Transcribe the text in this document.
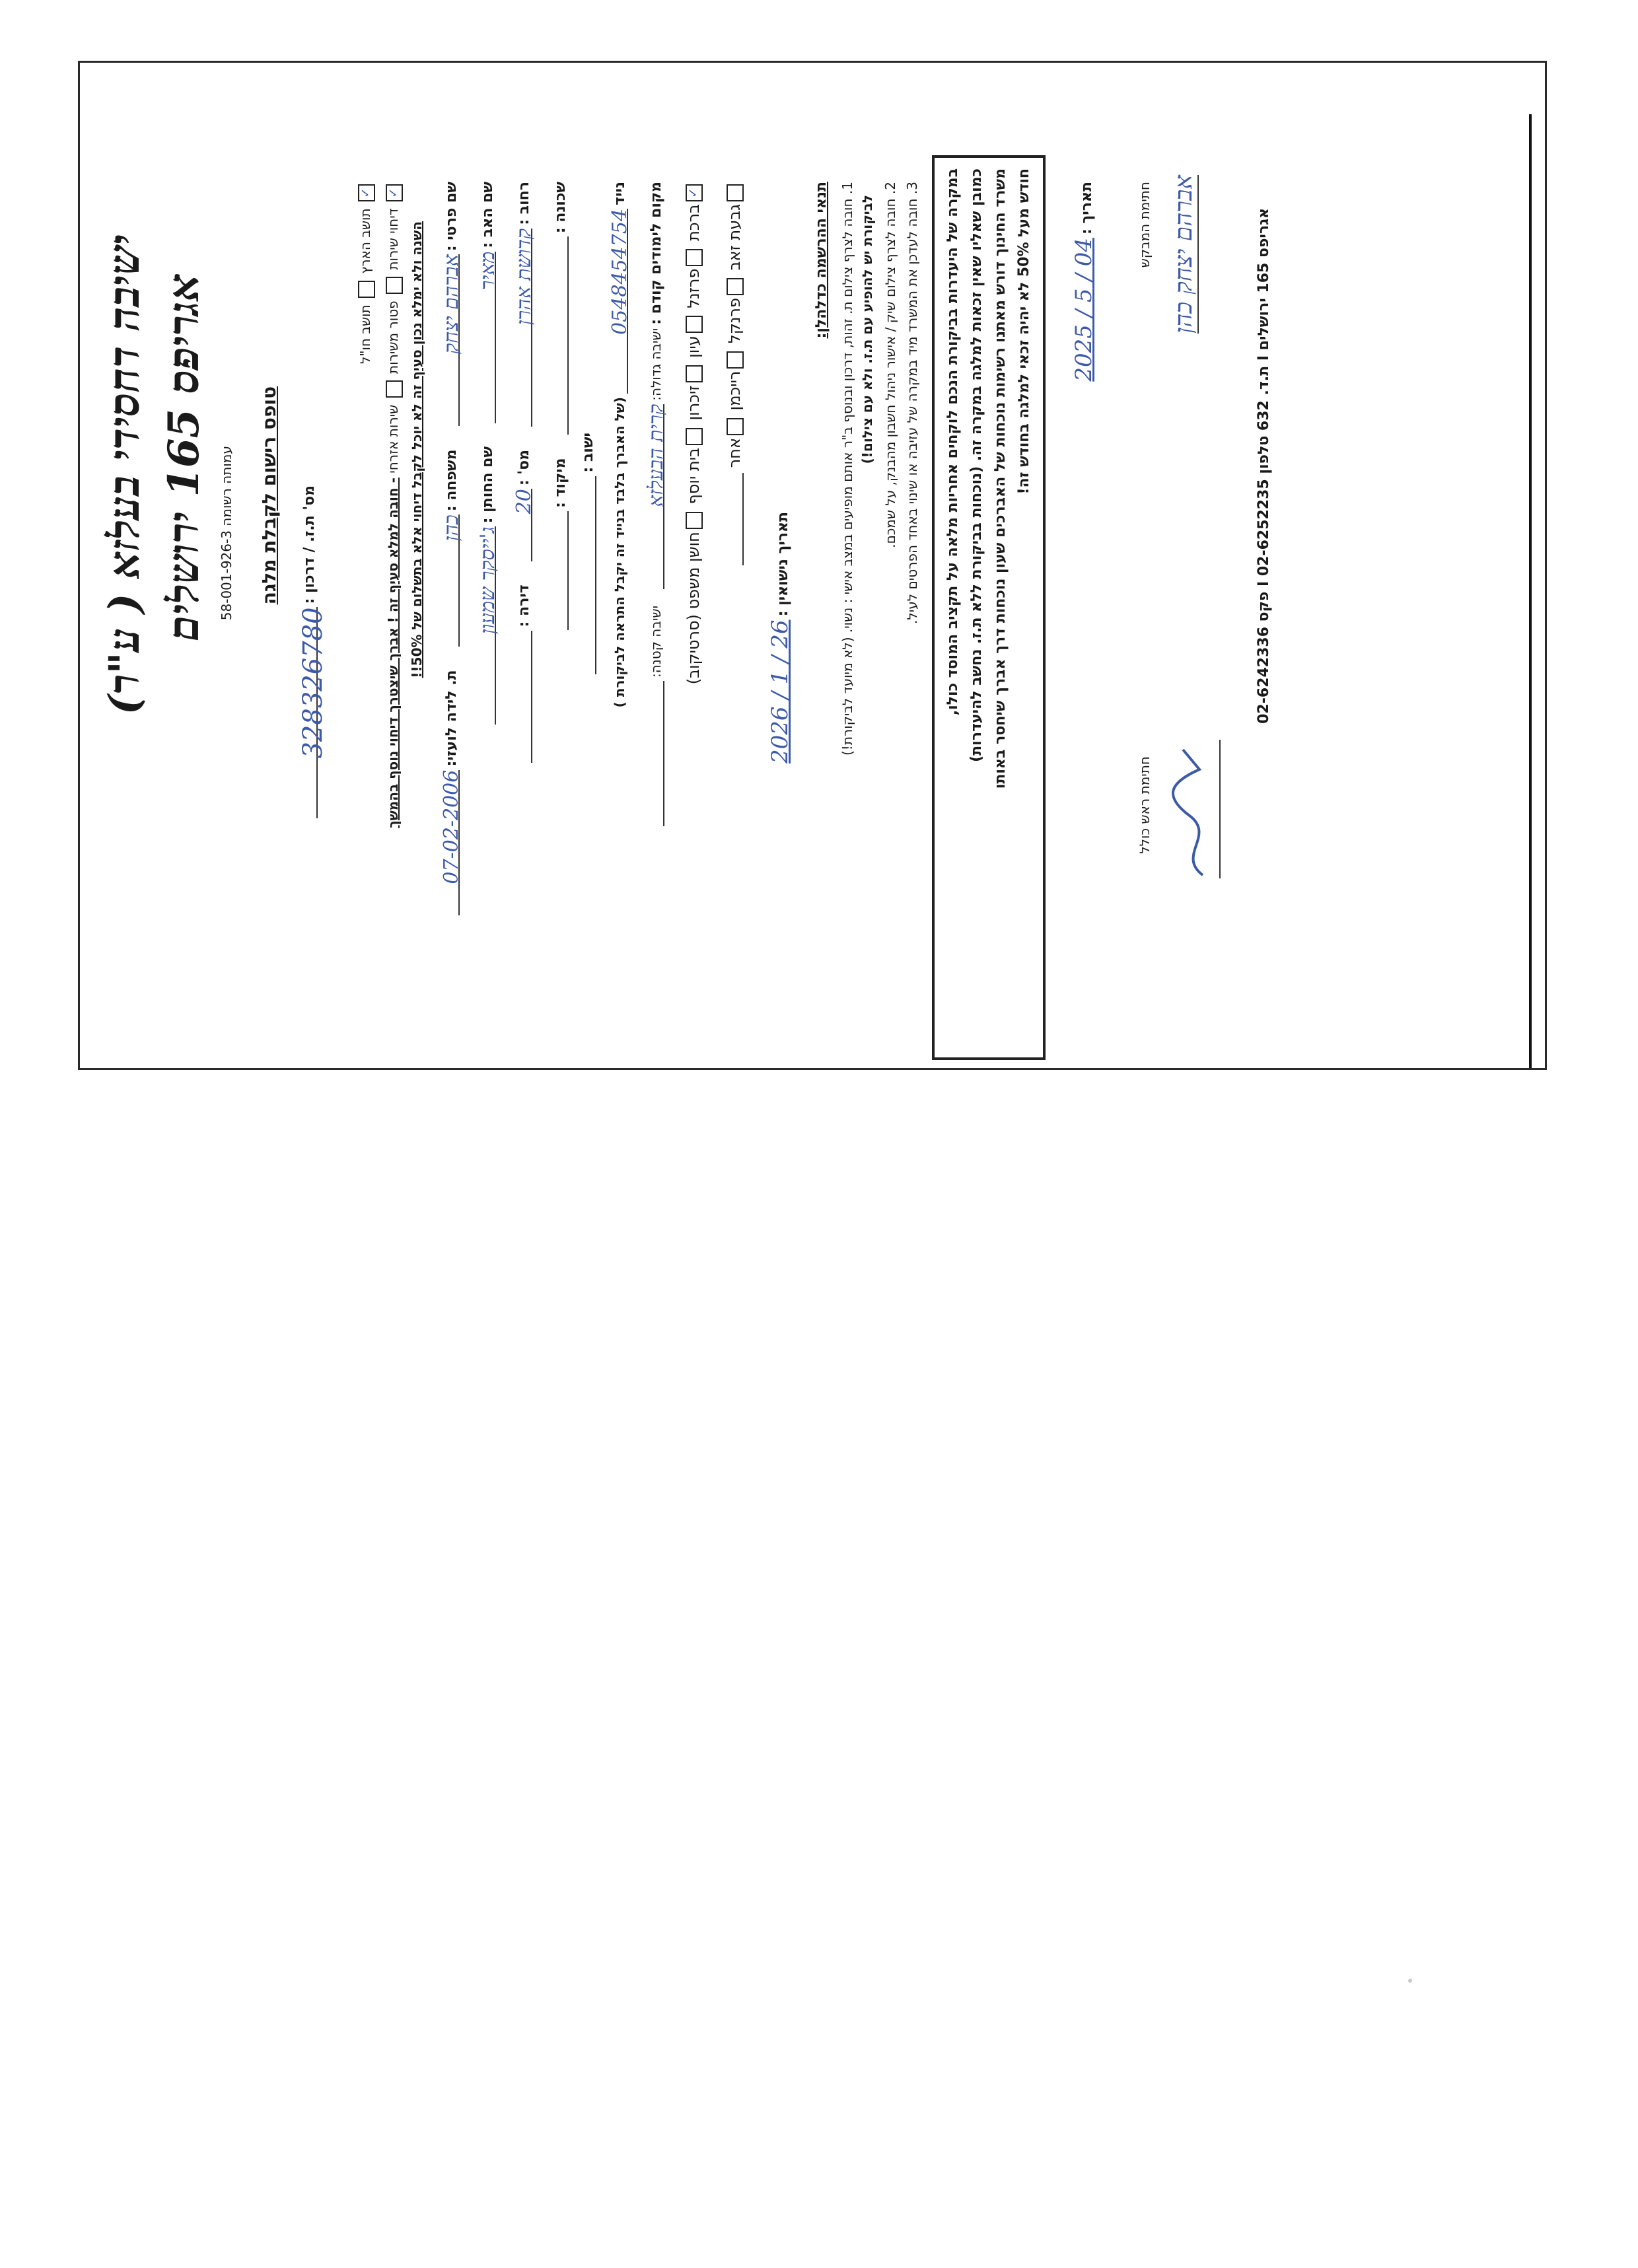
ישיבה דחסידי בעלזא ( ע"ר) אגריפס 165 ירושלים
עמותה רשומה 58-001-926-3 טופס רישום לקבלת מלגה מס' ת.ז. / דרכון : 328326780
✓ תושב הארץ  תושב חו"ל
✓ דיחוי שירות  פטור משירות  שירות אזרחי - חובה למלא סעיף זה ! אברך שיצטרך דיחוי נוסף בהמשך השנה ולא ימלא נכון סעיף זה לא יוכל לקבל דיחוי אלא בתשלום של 50%!!
שם פרטי : אברהם יצחק משפחה : כהן ת. לידה לועזי: 07-02-2006
שם האב : מאיר שם החותן : ג'ייסקר שמעון
רחוב : קדושת אהרן מס' : 20 דירה :
שכונה :  מיקוד :
ישוב :
נייד 0548454754 (של האברך בלבד בנייד זה יקבל התראה לביקורת )
מקום לימודים קודם : ישיבה גדולה: קרית הבעלזא ישיבה קטנה:
✓ברכת פרזנל עיון זיכרון בית יוסף חושן משפט (סרטיקוב)
גבעת זאב פרנקל רייכמן אחר
תאריך נישואין : 26 / 1 / 2026
תנאי ההרשמה כדלהלן: 1. חובה לצרף צילום ת. זהות, דרכון ובנוסף ב"ר אותם מופיעים במצב אישי : נשוי. (לא מיועד לביקורת!)
לביקורת יש להופיע עם ת.ז. ולא עם צילום!) 2. חובה לצרף צילום שיק / אישור ניהול חשבון מהבנק, על שמכם.
3. חובה לעדכן את המשרד מיד במקרה של עזיבה או שינוי באחד הפרטים לעיל. במקרה של היעדרות בביקורת הנכם לוקחים אחריות מלאה על תקציב המוסד כולו, כמובן שאליו שאין זכאות למלגה במקרה זה. (נוכחות בביקורת ללא ת.ז. נחשב להיעדרות) משרד החינוך דורש מאתנו רשימות נוכחות של האברכים שעון נוכחות דרך אברך שיחסר באותו חודש מעל 50% לא יהיה זכאי למלגה בחודש זה!	תאריך : 04 / 5 / 2025	חתימת המבקש אברהם יצחק כהן
חתימת ראש כולל
אגריפס 165 ירושלים I ת.ד. 632 טלפון 02-6252235 I פקס 02-6242336
